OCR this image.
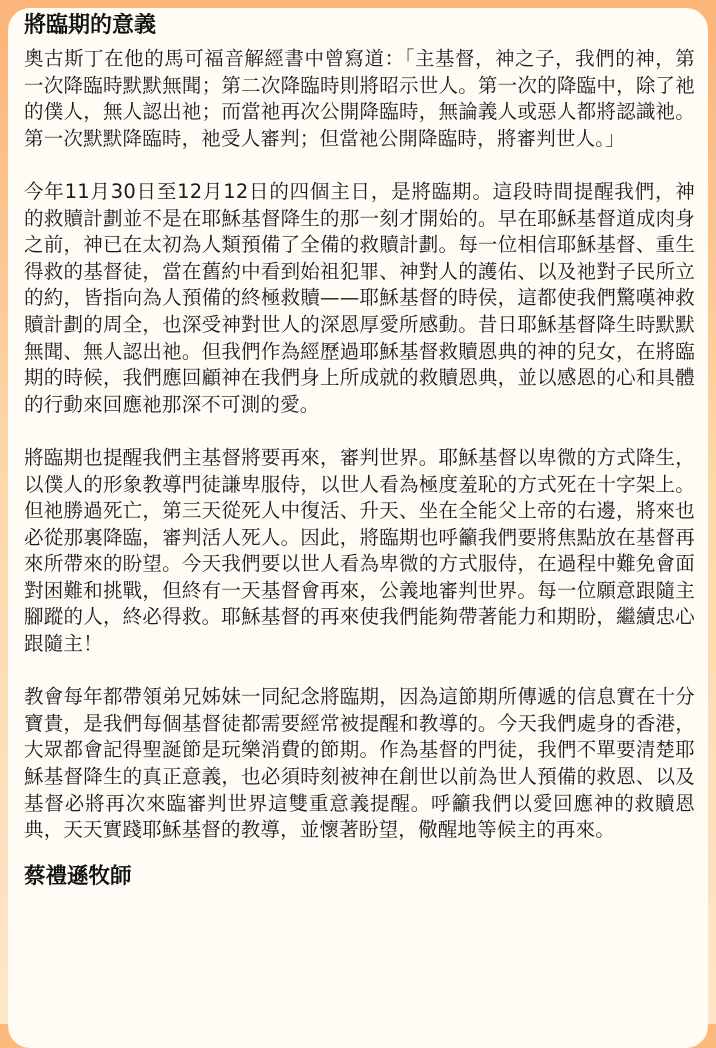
將臨期的意義

奧古斯丁在他的馬可福音解經書中曾寫道：「主基督，神之子，我們的神，第一次降臨時默默無聞；第二次降臨時則將昭示世人。第一次的降臨中，除了祂的僕人，無人認出祂；而當祂再次公開降臨時，無論義人或惡人都將認識祂。第一次默默降臨時，祂受人審判；但當祂公開降臨時，將審判世人。」

今年11月30日至12月12日的四個主日，是將臨期。這段時間提醒我們，神的救贖計劃並不是在耶穌基督降生的那一刻才開始的。早在耶穌基督道成肉身之前，神已在太初為人類預備了全備的救贖計劃。每一位相信耶穌基督、重生得救的基督徒，當在舊約中看到始祖犯罪、神對人的護佑、以及祂對子民所立的約，皆指向為人預備的終極救贖——耶穌基督的時侯，這都使我們驚嘆神救贖計劃的周全，也深受神對世人的深恩厚愛所感動。昔日耶穌基督降生時默默無聞、無人認出祂。但我們作為經歷過耶穌基督救贖恩典的神的兒女，在將臨期的時候，我們應回顧神在我們身上所成就的救贖恩典，並以感恩的心和具體的行動來回應祂那深不可測的愛。

將臨期也提醒我們主基督將要再來，審判世界。耶穌基督以卑微的方式降生，以僕人的形象教導門徒謙卑服侍，以世人看為極度羞恥的方式死在十字架上。但祂勝過死亡，第三天從死人中復活、升天、坐在全能父上帝的右邊，將來也必從那裏降臨，審判活人死人。因此，將臨期也呼籲我們要將焦點放在基督再來所帶來的盼望。今天我們要以世人看為卑微的方式服侍，在過程中難免會面對困難和挑戰，但終有一天基督會再來，公義地審判世界。每一位願意跟隨主腳蹤的人，終必得救。耶穌基督的再來使我們能夠帶著能力和期盼，繼續忠心跟隨主！

教會每年都帶領弟兄姊妹一同紀念將臨期，因為這節期所傳遞的信息實在十分寶貴，是我們每個基督徒都需要經常被提醒和教導的。今天我們處身的香港，大眾都會記得聖誕節是玩樂消費的節期。作為基督的門徒，我們不單要清楚耶穌基督降生的真正意義，也必須時刻被神在創世以前為世人預備的救恩、以及基督必將再次來臨審判世界這雙重意義提醒。呼籲我們以愛回應神的救贖恩典，天天實踐耶穌基督的教導，並懷著盼望，儆醒地等候主的再來。

蔡禮遜牧師
